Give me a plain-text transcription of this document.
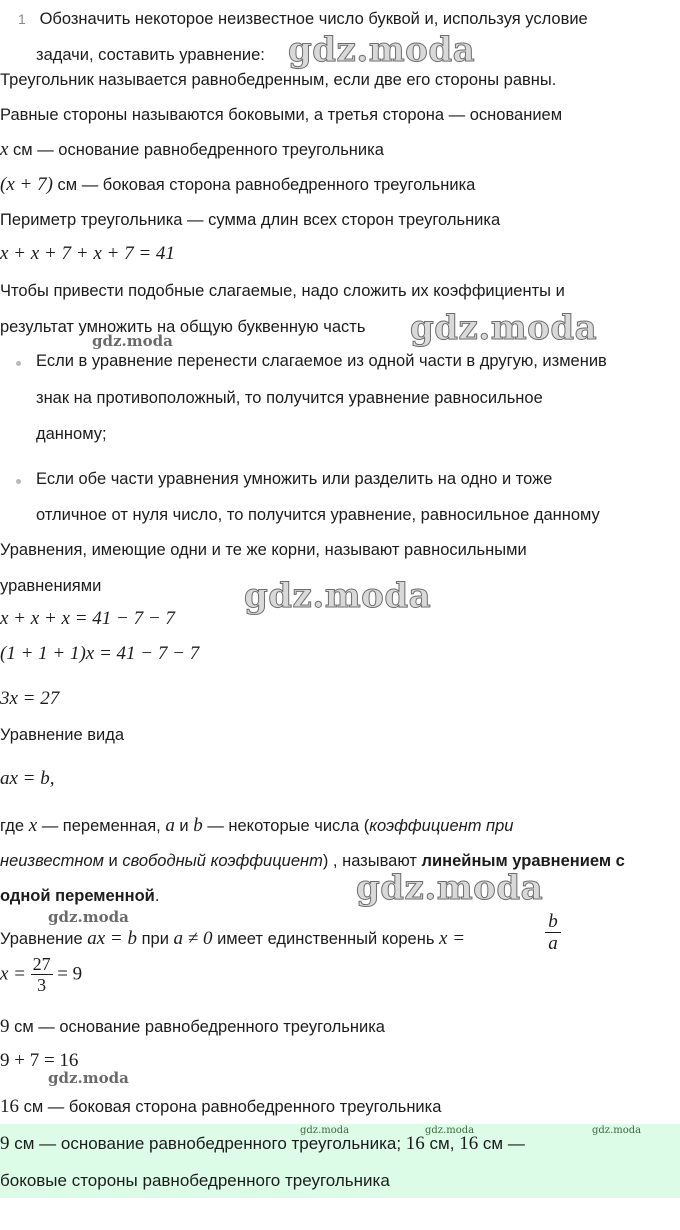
1 Обозначить некоторое неизвестное число буквой и, используя условие
задачи, составить уравнение: gdz.moda
Треугольник называется равнобедренным, если две его стороны равны.
Равные стороны называются боковыми, а третья сторона — основанием
x см — основание равнобедренного треугольника
(x + 7) см — боковая сторона равнобедренного треугольника
Периметр треугольника — сумма длин всех сторон треугольника
x + x + 7 + x + 7 = 41
Чтобы привести подобные слагаемые, надо сложить их коэффициенты и
результат умножить на общую буквенную часть gdz.moda
gdz.moda
Если в уравнение перенести слагаемое из одной части в другую, изменив
знак на противоположный, то получится уравнение равносильное
данному;
Если обе части уравнения умножить или разделить на одно и тоже
отличное от нуля число, то получится уравнение, равносильное данному
Уравнения, имеющие одни и те же корни, называют равносильными
уравнениями	gdz.moda
x + x + x = 41 − 7 − 7
(1 + 1 + 1)x = 41 − 7 − 7
3x = 27
Уравнение вида
ax = b,
где x — переменная, a и b — некоторые числа (коэффициент при
неизвестном и свободный коэффициент) , называют линейным уравнением с
одной переменной.	gdz.moda
gdz.moda
Уравнение ax = b при a ≠ 0 имеет единственный корень x =
b
a
$x = \frac{27}{3} = 9$
9 см — основание равнобедренного треугольника
9 + 7 = 16
gdz.moda
16 см — боковая сторона равнобедренного треугольника
gdz.moda	gdz.moda	gdz.moda
9 см — основание равнобедренного треугольника; 16 см, 16 см —
боковые стороны равнобедренного треугольника
